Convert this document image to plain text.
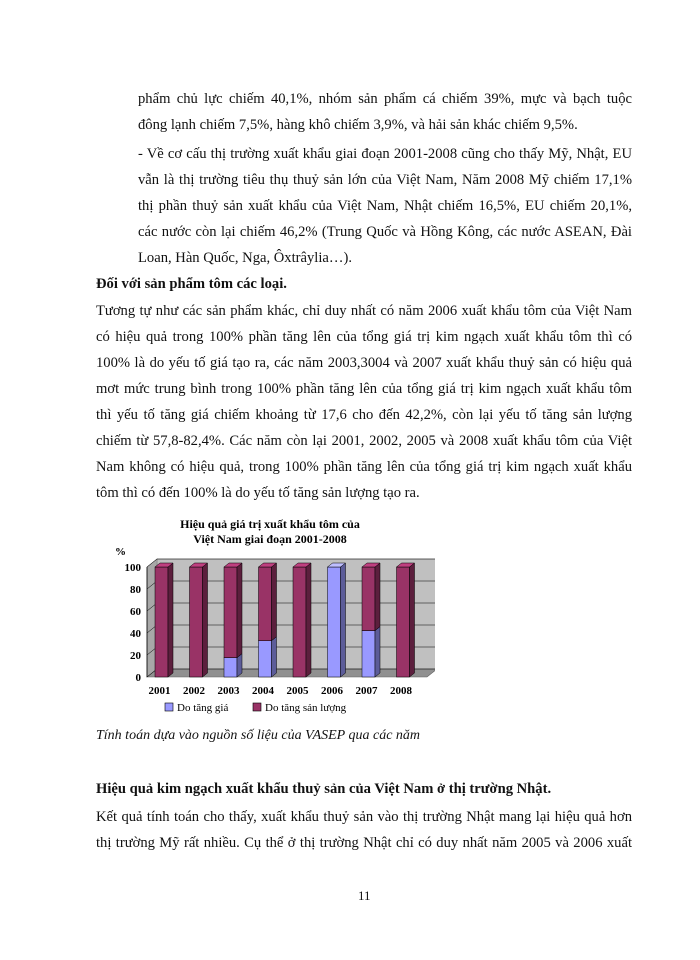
phẩm chủ lực chiếm 40,1%, nhóm sản phẩm cá chiếm 39%, mực và bạch tuộc
đông lạnh chiếm 7,5%, hàng khô chiếm 3,9%, và hải sản khác chiếm 9,5%.
- Về cơ cấu thị trường xuất khẩu giai đoạn 2001-2008 cũng cho thấy Mỹ, Nhật, EU
vẫn là thị trường tiêu thụ thuỷ sản lớn của Việt Nam, Năm 2008 Mỹ chiếm 17,1%
thị phần thuỷ sản xuất khẩu của Việt Nam, Nhật chiếm 16,5%, EU chiếm 20,1%,
các nước còn lại chiếm 46,2% (Trung Quốc và Hồng Kông, các nước ASEAN, Đài
Loan, Hàn Quốc, Nga, Ôxtrâylia…).
Đối với sản phẩm tôm các loại.
Tương tự như các sản phẩm khác, chỉ duy nhất có năm 2006 xuất khẩu tôm của Việt Nam
có hiệu quả trong 100% phần tăng lên của tổng giá trị kim ngạch xuất khẩu tôm thì có
100% là do yếu tố giá tạo ra, các năm 2003,3004 và 2007 xuất khẩu thuỷ sản có hiệu quả
mơt mức trung bình trong 100% phần tăng lên của tổng giá trị kim ngạch xuất khẩu tôm
thì yếu tố tăng giá chiếm khoảng từ 17,6 cho đến 42,2%, còn lại yếu tố tăng sản lượng
chiếm từ 57,8-82,4%. Các năm còn lại 2001, 2002, 2005 và 2008 xuất khẩu tôm của Việt
Nam không có hiệu quả, trong 100% phần tăng lên của tổng giá trị kim ngạch xuất khẩu
tôm thì có đến 100% là do yếu tố tăng sản lượng tạo ra.
Hiệu quả giá trị xuất khẩu tôm của
Việt Nam giai đoạn 2001-2008
%
0
20
40
60
80
100
2001 2002 2003 2004 2005 2006 2007 2008
Do tăng giá	Do tăng sản lượng
Tính toán dựa vào nguồn số liệu của VASEP qua các năm
Hiệu quả kim ngạch xuất khẩu thuỷ sản của Việt Nam ở thị trường Nhật.
Kết quả tính toán cho thấy, xuất khẩu thuỷ sản vào thị trường Nhật mang lại hiệu quả hơn
thị trường Mỹ rất nhiều. Cụ thể ở thị trường Nhật chỉ có duy nhất năm 2005 và 2006 xuất
11
